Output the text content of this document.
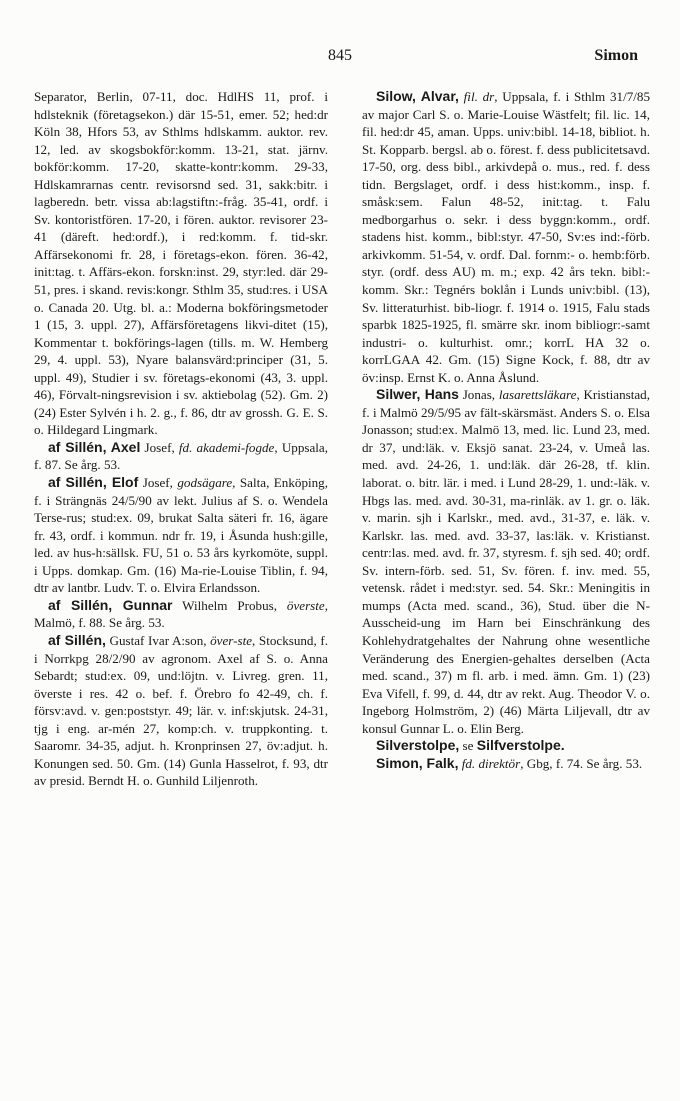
845	Simon

Separator, Berlin, 07-11, doc. HdlHS 11, prof. i hdlsteknik (företagsekon.) där 15-51, emer. 52; hed:dr Köln 38, Hfors 53, av Sthlms hdlskamm. auktor. rev. 12, led. av skogsbokför:komm. 13-21, stat. järnv. bokför:komm. 17-20, skatte-kontr:komm. 29-33, Hdlskamrarnas centr. revisorsnd sed. 31, sakk:bitr. i lagberedn. betr. vissa ab:lagstiftn:-fråg. 35-41, ordf. i Sv. kontoristfören. 17-20, i fören. auktor. revisorer 23-41 (däreft. hed:ordf.), i red:komm. f. tid-skr. Affärsekonomi fr. 28, i företags-ekon. fören. 36-42, init:tag. t. Affärs-ekon. forskn:inst. 29, styr:led. där 29-51, pres. i skand. revis:kongr. Sthlm 35, stud:res. i USA o. Canada 20. Utg. bl. a.: Moderna bokföringsmetoder 1 (15, 3. uppl. 27), Affärsföretagens likvi-ditet (15), Kommentar t. bokförings-lagen (tills. m. W. Hemberg 29, 4. uppl. 53), Nyare balansvärd:principer (31, 5. uppl. 49), Studier i sv. företags-ekonomi (43, 3. uppl. 46), Förvalt-ningsrevision i sv. aktiebolag (52). Gm. 2) (24) Ester Sylvén i h. 2. g., f. 86, dtr av grossh. G. E. S. o. Hildegard Lingmark.

af Sillén, Axel Josef, fd. akademi-fogde, Uppsala, f. 87. Se årg. 53.

af Sillén, Elof Josef, godsägare, Salta, Enköping, f. i Strängnäs 24/5/90 av lekt. Julius af S. o. Wendela Terse-rus; stud:ex. 09, brukat Salta säteri fr. 16, ägare fr. 43, ordf. i kommun. ndr fr. 19, i Åsunda hush:gille, led. av hus-h:sällsk. FU, 51 o. 53 års kyrkomöte, suppl. i Upps. domkap. Gm. (16) Ma-rie-Louise Tiblin, f. 94, dtr av lantbr. Ludv. T. o. Elvira Erlandsson.

af Sillén, Gunnar Wilhelm Probus, överste, Malmö, f. 88. Se årg. 53.

af Sillén, Gustaf Ivar A:son, över-ste, Stocksund, f. i Norrkpg 28/2/90 av agronom. Axel af S. o. Anna Sebardt; stud:ex. 09, und:löjtn. v. Livreg. gren. 11, överste i res. 42 o. bef. f. Örebro fo 42-49, ch. f. försv:avd. v. gen:poststyr. 49; lär. v. inf:skjutsk. 24-31, tjg i eng. ar-mén 27, komp:ch. v. truppkonting. t. Saaromr. 34-35, adjut. h. Kronprinsen 27, öv:adjut. h. Konungen sed. 50. Gm. (14) Gunla Hasselrot, f. 93, dtr av presid. Berndt H. o. Gunhild Liljenroth.

Silow, Alvar, fil. dr, Uppsala, f. i Sthlm 31/7/85 av major Carl S. o. Marie-Louise Wästfelt; fil. lic. 14, fil. hed:dr 45, aman. Upps. univ:bibl. 14-18, bibliot. h. St. Kopparb. bergsl. ab o. förest. f. dess publicitetsavd. 17-50, org. dess bibl., arkivdepå o. mus., red. f. dess tidn. Bergslaget, ordf. i dess hist:komm., insp. f. småsk:sem. Falun 48-52, init:tag. t. Falu medborgarhus o. sekr. i dess byggn:komm., ordf. stadens hist. komm., bibl:styr. 47-50, Sv:es ind:-förb. arkivkomm. 51-54, v. ordf. Dal. fornm:- o. hemb:förb. styr. (ordf. dess AU) m. m.; exp. 42 års tekn. bibl:-komm. Skr.: Tegnérs boklån i Lunds univ:bibl. (13), Sv. litteraturhist. bib-liogr. f. 1914 o. 1915, Falu stads sparbk 1825-1925, fl. smärre skr. inom bibliogr:-samt industri- o. kulturhist. omr.; korrL HA 32 o. korrLGAA 42. Gm. (15) Signe Kock, f. 88, dtr av öv:insp. Ernst K. o. Anna Åslund.

Silwer, Hans Jonas, lasarettsläkare, Kristianstad, f. i Malmö 29/5/95 av fält-skärsmäst. Anders S. o. Elsa Jonasson; stud:ex. Malmö 13, med. lic. Lund 23, med. dr 37, und:läk. v. Eksjö sanat. 23-24, v. Umeå las. med. avd. 24-26, 1. und:läk. där 26-28, tf. klin. laborat. o. bitr. lär. i med. i Lund 28-29, 1. und:-läk. v. Hbgs las. med. avd. 30-31, ma-rinläk. av 1. gr. o. läk. v. marin. sjh i Karlskr., med. avd., 31-37, e. läk. v. Karlskr. las. med. avd. 33-37, las:läk. v. Kristianst. centr:las. med. avd. fr. 37, styresm. f. sjh sed. 40; ordf. Sv. intern-förb. sed. 51, Sv. fören. f. inv. med. 55, vetensk. rådet i med:styr. sed. 54. Skr.: Meningitis in mumps (Acta med. scand., 36), Stud. über die N-Ausscheid-ung im Harn bei Einschränkung des Kohlehydratgehaltes der Nahrung ohne wesentliche Veränderung des Energien-gehaltes derselben (Acta med. scand., 37) m fl. arb. i med. ämn. Gm. 1) (23) Eva Vifell, f. 99, d. 44, dtr av rekt. Aug. Theodor V. o. Ingeborg Holmström, 2) (46) Märta Liljevall, dtr av konsul Gunnar L. o. Elin Berg.

Silverstolpe, se Silfverstolpe.

Simon, Falk, fd. direktör, Gbg, f. 74. Se årg. 53.
